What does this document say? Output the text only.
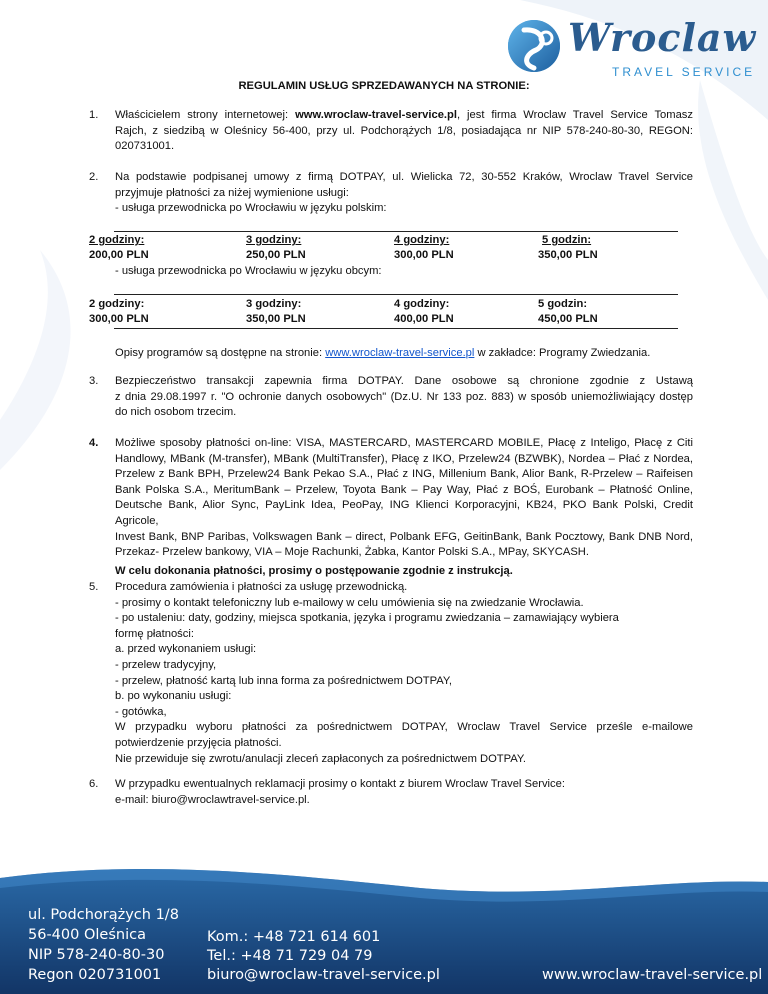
Wroclaw
TRAVEL SERVICE
REGULAMIN USŁUG SPRZEDAWANYCH NA STRONIE:
1.	Właścicielem strony internetowej: www.wroclaw-travel-service.pl, jest firma Wroclaw Travel Service Tomasz
Rajch, z siedzibą w Oleśnicy 56-400, przy ul. Podchorążych 1/8, posiadająca nr NIP 578-240-80-30, REGON:
020731001.
2.	Na podstawie podpisanej umowy z firmą DOTPAY, ul. Wielicka 72, 30-552 Kraków, Wroclaw Travel Service
przyjmuje płatności za niżej wymienione usługi:
- usługa przewodnicka po Wrocławiu w języku polskim:
2 godziny:	3 godziny:	4 godziny:	5 godzin:
200,00 PLN	250,00 PLN	300,00 PLN	350,00 PLN
- usługa przewodnicka po Wrocławiu w języku obcym:
2 godziny:	3 godziny:	4 godziny:	5 godzin:
300,00 PLN	350,00 PLN	400,00 PLN	450,00 PLN
Opisy programów są dostępne na stronie: www.wroclaw-travel-service.pl w zakładce: Programy Zwiedzania.
3.	Bezpieczeństwo transakcji zapewnia firma DOTPAY. Dane osobowe są chronione zgodnie z Ustawą
z dnia 29.08.1997 r. "O ochronie danych osobowych" (Dz.U. Nr 133 poz. 883) w sposób uniemożliwiający dostęp
do nich osobom trzecim.
4.	Możliwe sposoby płatności on-line: VISA, MASTERCARD, MASTERCARD MOBILE, Płacę z Inteligo, Płacę z Citi
Handlowy, MBank (M-transfer), MBank (MultiTransfer), Płacę z IKO, Przelew24 (BZWBK), Nordea – Płać z Nordea,
Przelew z Bank BPH, Przelew24 Bank Pekao S.A., Płać z ING, Millenium Bank, Alior Bank, R-Przelew – Raifeisen
Bank Polska S.A., MeritumBank – Przelew, Toyota Bank – Pay Way, Płać z BOŚ, Eurobank – Płatność Online,
Deutsche Bank, Alior Sync, PayLink Idea, PeoPay, ING Klienci Korporacyjni, KB24, PKO Bank Polski, Credit Agricole,
Invest Bank, BNP Paribas, Volkswagen Bank – direct, Polbank EFG, GeitinBank, Bank Pocztowy, Bank DNB Nord,
Przekaz- Przelew bankowy, VIA – Moje Rachunki, Żabka, Kantor Polski S.A., MPay, SKYCASH.
W celu dokonania płatności, prosimy o postępowanie zgodnie z instrukcją.
5.	Procedura zamówienia i płatności za usługę przewodnicką.
- prosimy o kontakt telefoniczny lub e-mailowy w celu umówienia się na zwiedzanie Wrocławia.
- po ustaleniu: daty, godziny, miejsca spotkania, języka i programu zwiedzania – zamawiający wybiera
formę płatności:
a. przed wykonaniem usługi:
- przelew tradycyjny,
- przelew, płatność kartą lub inna forma za pośrednictwem DOTPAY,
b. po wykonaniu usługi:
- gotówka,
W przypadku wyboru płatności za pośrednictwem DOTPAY, Wroclaw Travel Service prześle e-mailowe
potwierdzenie przyjęcia płatności.
Nie przewiduje się zwrotu/anulacji zleceń zapłaconych za pośrednictwem DOTPAY.
6.	W przypadku ewentualnych reklamacji prosimy o kontakt z biurem Wroclaw Travel Service:
e-mail: biuro@wroclawtravel-service.pl.
ul. Podchorążych 1/8
56-400 Oleśnica
NIP 578-240-80-30
Regon 020731001
Kom.: +48 721 614 601
Tel.: +48 71 729 04 79
biuro@wroclaw-travel-service.pl	www.wroclaw-travel-service.pl
